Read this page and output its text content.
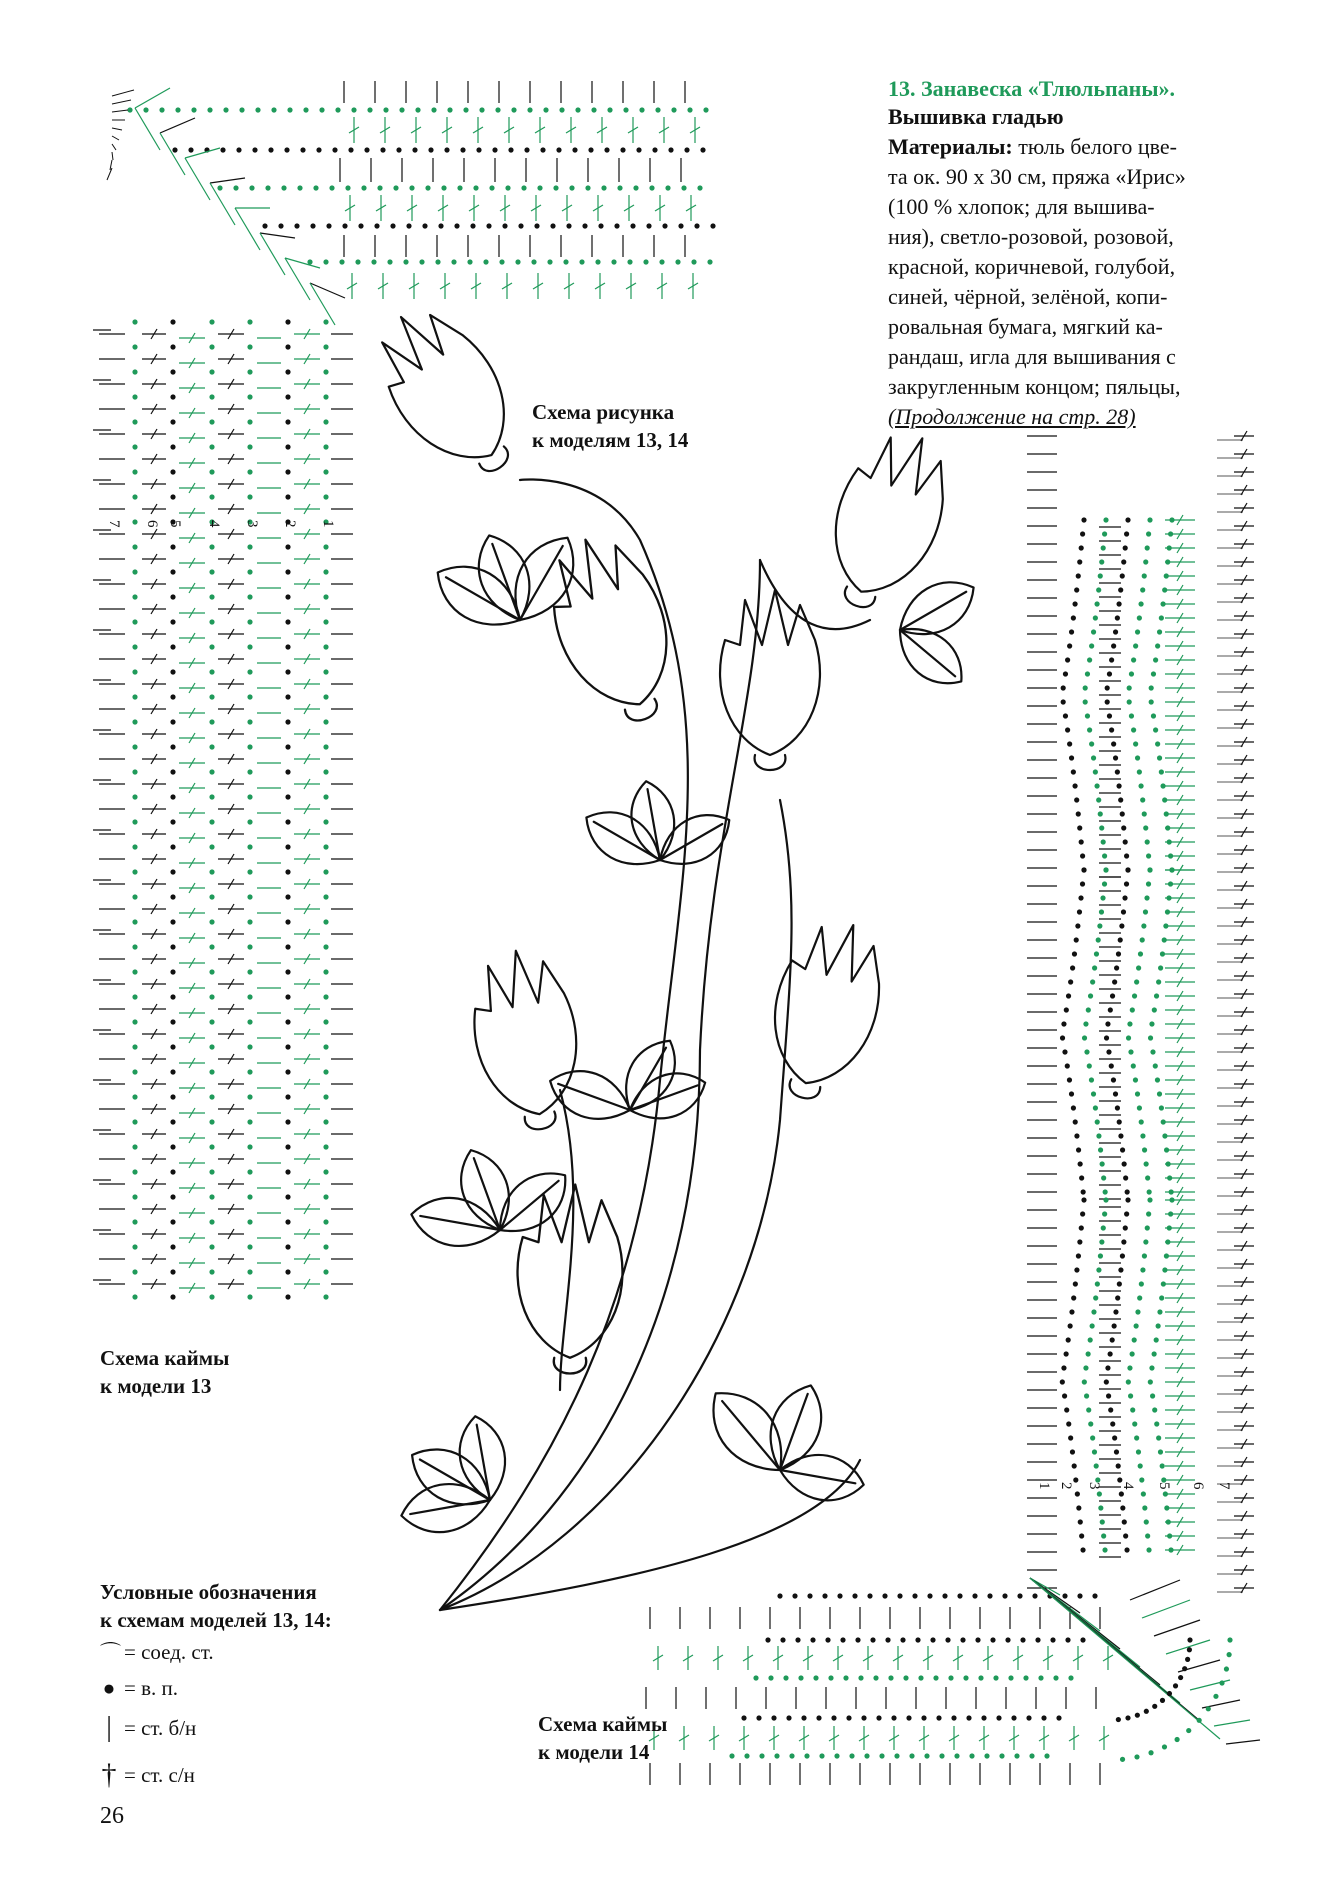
13. Занавеска «Тлюльпаны».
Вышивка гладью
Материалы: тюль белого цве-
та ок. 90 х 30 см, пряжа «Ирис»
(100 % хлопок; для вышива-
ния), светло-розовой, розовой,
красной, коричневой, голубой,
синей, чёрной, зелёной, копи-
ровальная бумага, мягкий ка-
рандаш, игла для вышивания с
закругленным концом; пяльцы,
(Продолжение на стр. 28)
7 6 5 4 3 2 1
1 2 3 4 5 6 7
Схема рисунка
к моделям 13, 14
Схема каймы
к модели 13
Схема каймы
к модели 14
Условные обозначения
к схемам моделей 13, 14:
⌒ = соед. ст.
● = в. п.
| = ст. б/н
† = ст. с/н
26
